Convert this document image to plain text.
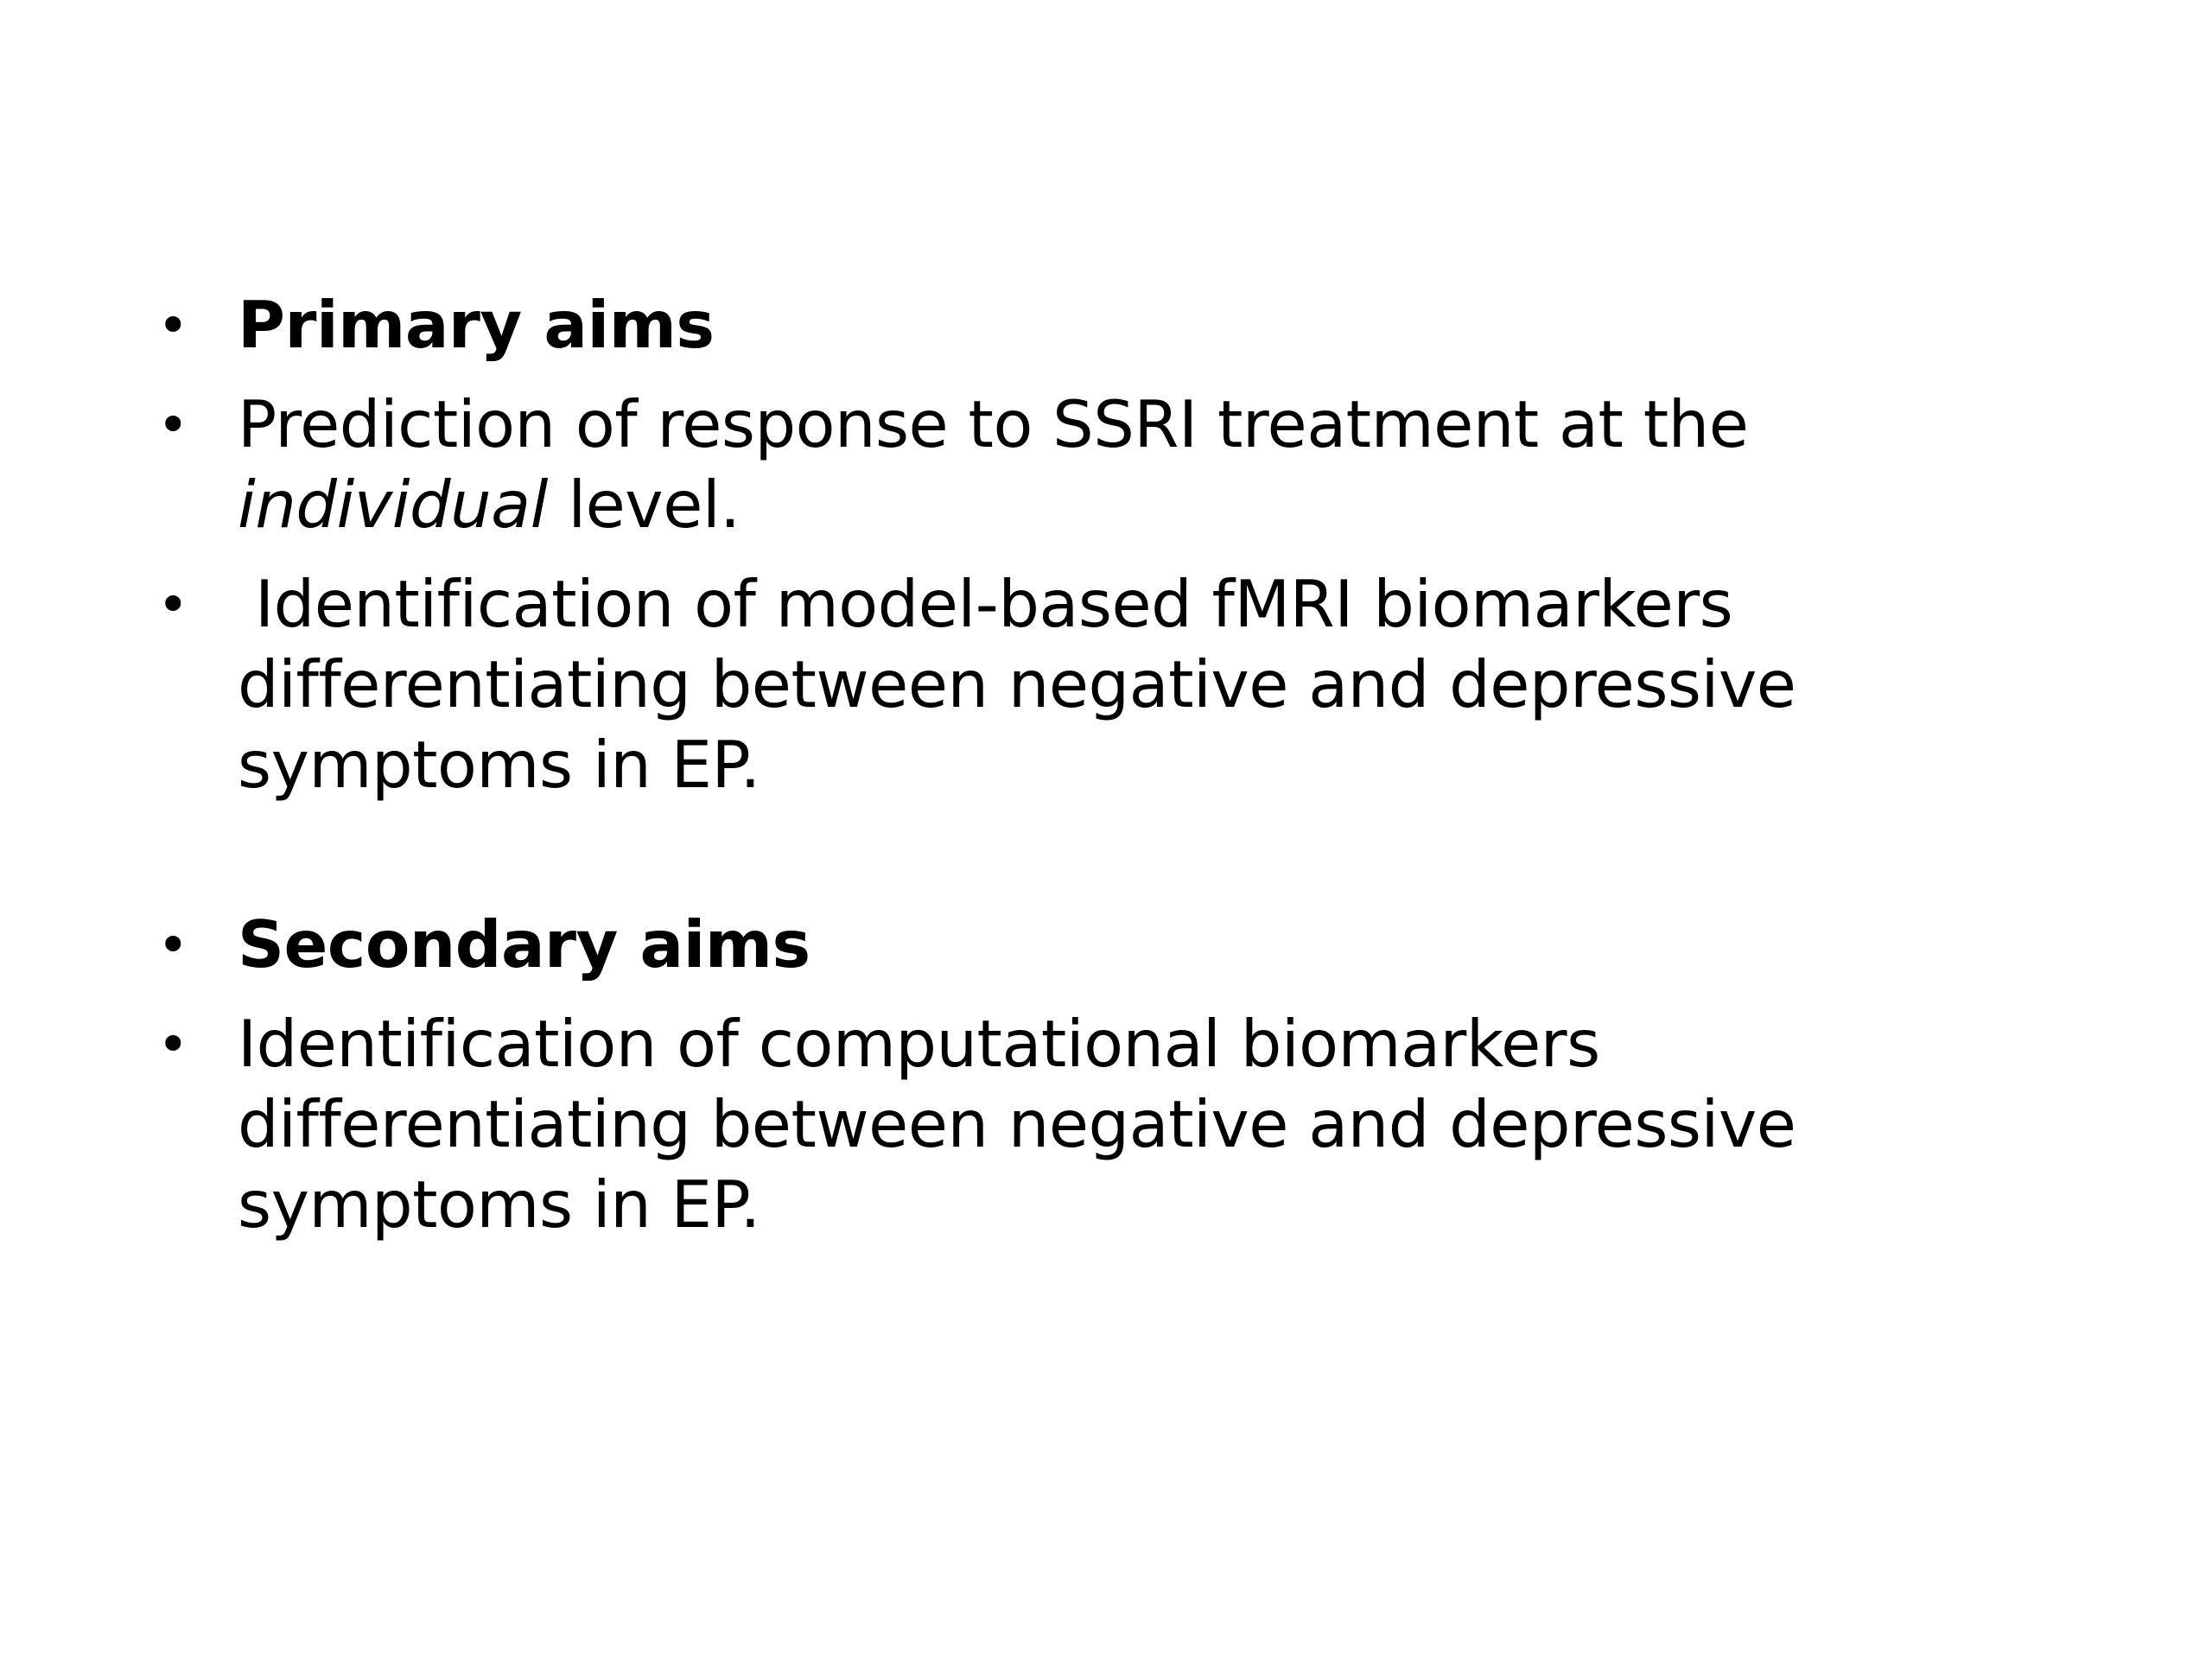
• Primary aims
• Prediction of response to SSRI treatment at the
individual level.
• Identification of model-based fMRI biomarkers differentiating between negative and depressive symptoms in EP.
• Secondary aims
• Identification of computational biomarkers differentiating between negative and depressive symptoms in EP.
